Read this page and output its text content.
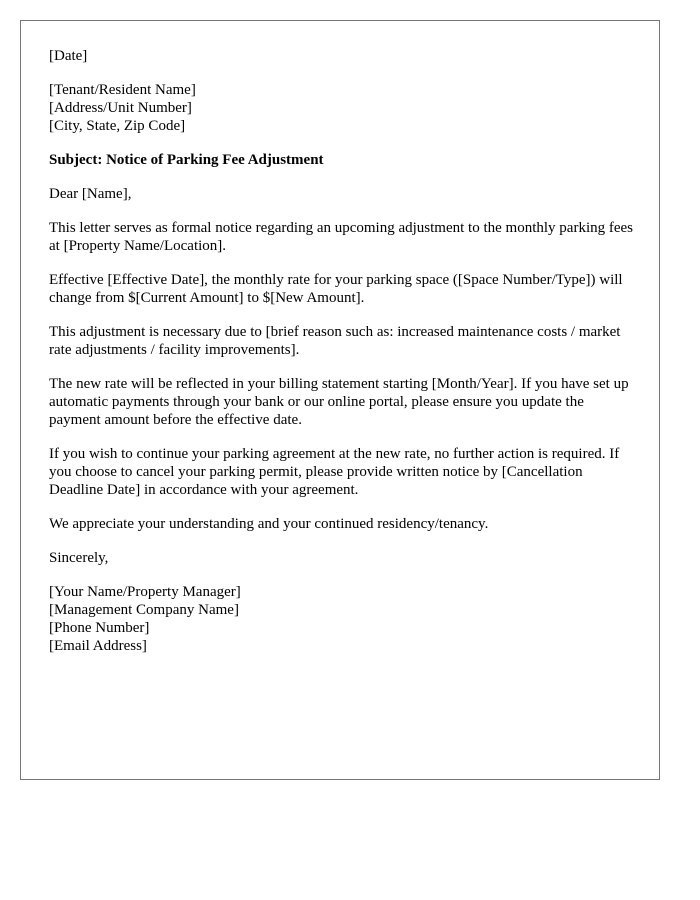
[Date]
[Tenant/Resident Name]
[Address/Unit Number]
[City, State, Zip Code]
Subject: Notice of Parking Fee Adjustment
Dear [Name],

This letter serves as formal notice regarding an upcoming adjustment to the monthly parking fees at [Property Name/Location].

Effective [Effective Date], the monthly rate for your parking space ([Space Number/Type]) will change from $[Current Amount] to $[New Amount].

This adjustment is necessary due to [brief reason such as: increased maintenance costs / market rate adjustments / facility improvements].

The new rate will be reflected in your billing statement starting [Month/Year]. If you have set up automatic payments through your bank or our online portal, please ensure you update the payment amount before the effective date.

If you wish to continue your parking agreement at the new rate, no further action is required. If you choose to cancel your parking permit, please provide written notice by [Cancellation Deadline Date] in accordance with your agreement.

We appreciate your understanding and your continued residency/tenancy.

Sincerely,
[Your Name/Property Manager]
[Management Company Name]
[Phone Number]
[Email Address]
